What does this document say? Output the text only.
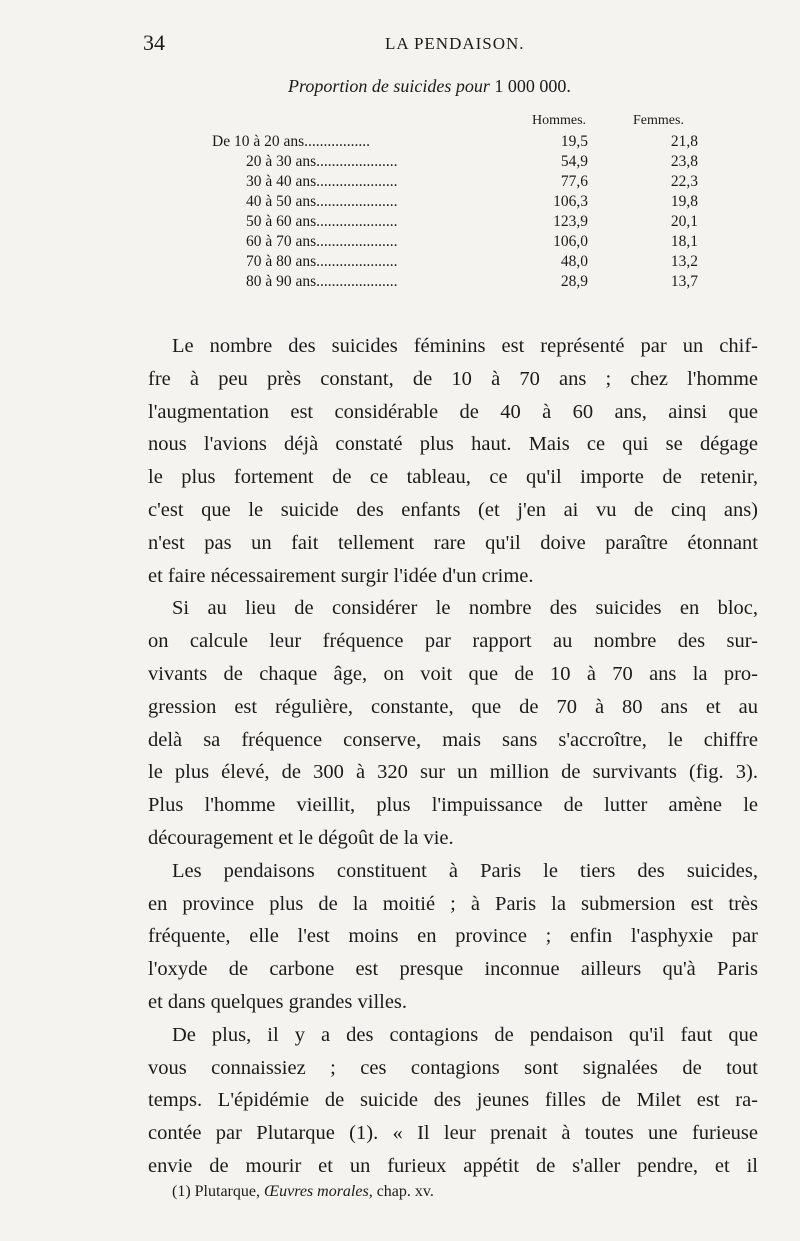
34	LA PENDAISON.
Proportion de suicides pour 1 000 000.
Hommes.	Femmes.
De 10 à 20 ans.................	19,5	21,8
20 à 30 ans.....................	54,9	23,8
30 à 40 ans.....................	77,6	22,3
40 à 50 ans.....................	106,3	19,8
50 à 60 ans.....................	123,9	20,1
60 à 70 ans.....................	106,0	18,1
70 à 80 ans.....................	48,0	13,2
80 à 90 ans.....................	28,9	13,7
Le nombre des suicides féminins est représenté par un chif-
fre à peu près constant, de 10 à 70 ans ; chez l'homme
l'augmentation est considérable de 40 à 60 ans, ainsi que
nous l'avions déjà constaté plus haut. Mais ce qui se dégage
le plus fortement de ce tableau, ce qu'il importe de retenir,
c'est que le suicide des enfants (et j'en ai vu de cinq ans)
n'est pas un fait tellement rare qu'il doive paraître étonnant
et faire nécessairement surgir l'idée d'un crime.
Si au lieu de considérer le nombre des suicides en bloc,
on calcule leur fréquence par rapport au nombre des sur-
vivants de chaque âge, on voit que de 10 à 70 ans la pro-
gression est régulière, constante, que de 70 à 80 ans et au
delà sa fréquence conserve, mais sans s'accroître, le chiffre
le plus élevé, de 300 à 320 sur un million de survivants (fig. 3).
Plus l'homme vieillit, plus l'impuissance de lutter amène le
découragement et le dégoût de la vie.
Les pendaisons constituent à Paris le tiers des suicides,
en province plus de la moitié ; à Paris la submersion est très
fréquente, elle l'est moins en province ; enfin l'asphyxie par
l'oxyde de carbone est presque inconnue ailleurs qu'à Paris
et dans quelques grandes villes.
De plus, il y a des contagions de pendaison qu'il faut que
vous connaissiez ; ces contagions sont signalées de tout
temps. L'épidémie de suicide des jeunes filles de Milet est ra-
contée par Plutarque (1). « Il leur prenait à toutes une furieuse
envie de mourir et un furieux appétit de s'aller pendre, et il
(1) Plutarque, Œuvres morales, chap. xv.
